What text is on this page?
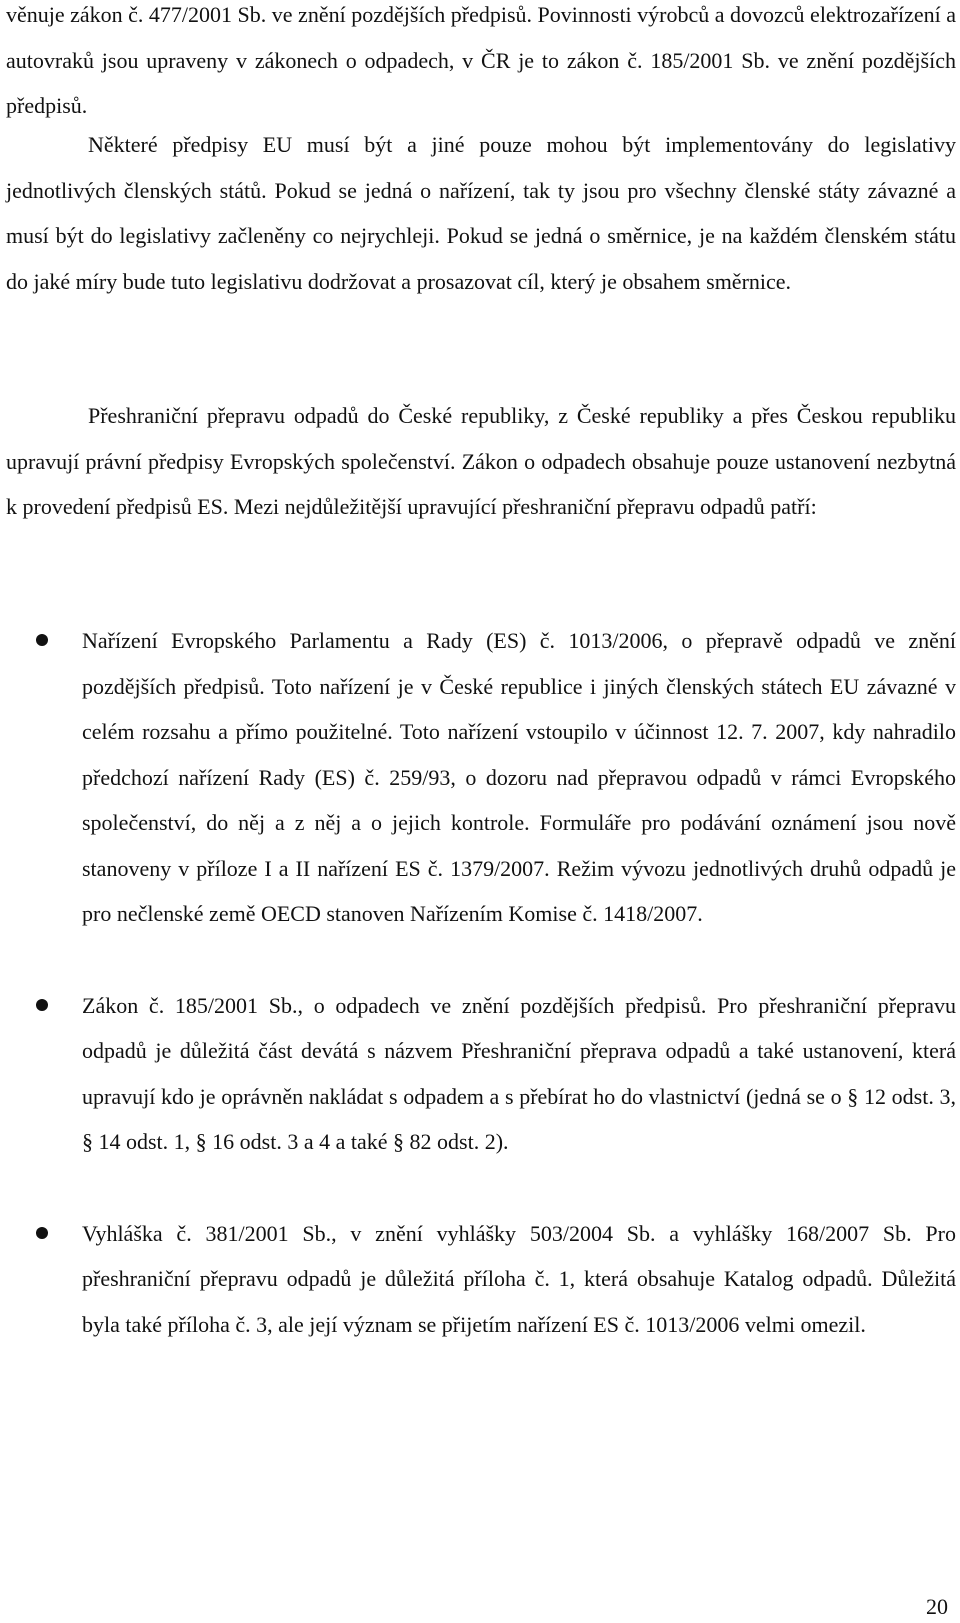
věnuje zákon č. 477/2001 Sb. ve znění pozdějších předpisů. Povinnosti výrobců a dovozců elektrozařízení a autovraků jsou upraveny v zákonech o odpadech, v ČR je to zákon č. 185/2001 Sb. ve znění pozdějších předpisů.

Některé předpisy EU musí být a jiné pouze mohou být implementovány do legislativy jednotlivých členských států. Pokud se jedná o nařízení, tak ty jsou pro všechny členské státy závazné a musí být do legislativy začleněny co nejrychleji. Pokud se jedná o směrnice, je na každém členském státu do jaké míry bude tuto legislativu dodržovat a prosazovat cíl, který je obsahem směrnice.

Přeshraniční přepravu odpadů do České republiky, z České republiky a přes Českou republiku upravují právní předpisy Evropských společenství. Zákon o odpadech obsahuje pouze ustanovení nezbytná k provedení předpisů ES. Mezi nejdůležitější upravující přeshraniční přepravu odpadů patří:

Nařízení Evropského Parlamentu a Rady (ES) č. 1013/2006, o přepravě odpadů ve znění pozdějších předpisů. Toto nařízení je v České republice i jiných členských státech EU závazné v celém rozsahu a přímo použitelné. Toto nařízení vstoupilo v účinnost 12. 7. 2007, kdy nahradilo předchozí nařízení Rady (ES) č. 259/93, o dozoru nad přepravou odpadů v rámci Evropského společenství, do něj a z něj a o jejich kontrole. Formuláře pro podávání oznámení jsou nově stanoveny v příloze I a II nařízení ES č. 1379/2007. Režim vývozu jednotlivých druhů odpadů je pro nečlenské země OECD stanoven Nařízením Komise č. 1418/2007.
Zákon č. 185/2001 Sb., o odpadech ve znění pozdějších předpisů. Pro přeshraniční přepravu odpadů je důležitá část devátá s názvem Přeshraniční přeprava odpadů a také ustanovení, která upravují kdo je oprávněn nakládat s odpadem a s přebírat ho do vlastnictví (jedná se o § 12 odst. 3, § 14 odst. 1, § 16 odst. 3 a 4 a také § 82 odst. 2).
Vyhláška č. 381/2001 Sb., v znění vyhlášky 503/2004 Sb. a vyhlášky 168/2007 Sb. Pro přeshraniční přepravu odpadů je důležitá příloha č. 1, která obsahuje Katalog odpadů. Důležitá byla také příloha č. 3, ale její význam se přijetím nařízení ES č. 1013/2006 velmi omezil.
20
